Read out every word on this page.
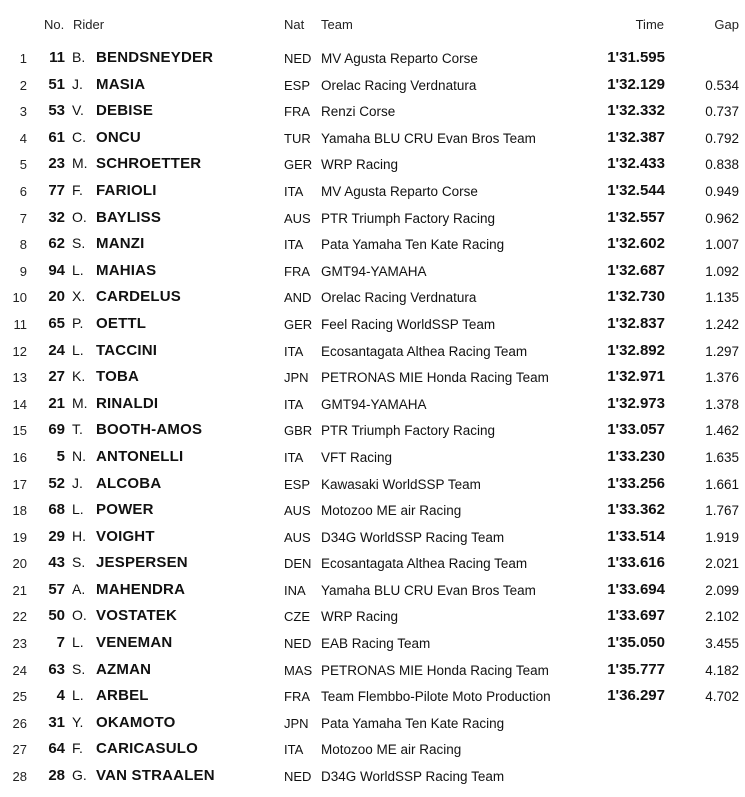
No. Rider	Nat Team	Time	Gap
1	11 B. BENDSNEYDER	NED MV Agusta Reparto Corse	1'31.595
2	51 J. MASIA	ESP Orelac Racing Verdnatura	1'32.129	0.534
3	53 V. DEBISE	FRA Renzi Corse	1'32.332	0.737
4	61 C. ONCU	TUR Yamaha BLU CRU Evan Bros Team	1'32.387	0.792
5	23 M. SCHROETTER	GER WRP Racing	1'32.433	0.838
6	77 F. FARIOLI	ITA MV Agusta Reparto Corse	1'32.544	0.949
7	32 O. BAYLISS	AUS PTR Triumph Factory Racing	1'32.557	0.962
8	62 S. MANZI	ITA Pata Yamaha Ten Kate Racing	1'32.602	1.007
9	94 L. MAHIAS	FRA GMT94-YAMAHA	1'32.687	1.092
10	20 X. CARDELUS	AND Orelac Racing Verdnatura	1'32.730	1.135
11	65 P. OETTL	GER Feel Racing WorldSSP Team	1'32.837	1.242
12	24 L. TACCINI	ITA Ecosantagata Althea Racing Team	1'32.892	1.297
13	27 K. TOBA	JPN PETRONAS MIE Honda Racing Team	1'32.971	1.376
14	21 M. RINALDI	ITA GMT94-YAMAHA	1'32.973	1.378
15	69 T. BOOTH-AMOS	GBR PTR Triumph Factory Racing	1'33.057	1.462
16	5 N. ANTONELLI	ITA VFT Racing	1'33.230	1.635
17	52 J. ALCOBA	ESP Kawasaki WorldSSP Team	1'33.256	1.661
18	68 L. POWER	AUS Motozoo ME air Racing	1'33.362	1.767
19	29 H. VOIGHT	AUS D34G WorldSSP Racing Team	1'33.514	1.919
20	43 S. JESPERSEN	DEN Ecosantagata Althea Racing Team	1'33.616	2.021
21	57 A. MAHENDRA	INA Yamaha BLU CRU Evan Bros Team	1'33.694	2.099
22	50 O. VOSTATEK	CZE WRP Racing	1'33.697	2.102
23	7 L. VENEMAN	NED EAB Racing Team	1'35.050	3.455
24	63 S. AZMAN	MAS PETRONAS MIE Honda Racing Team	1'35.777	4.182
25	4 L. ARBEL	FRA Team Flembbo-Pilote Moto Production	1'36.297	4.702
26	31 Y. OKAMOTO	JPN Pata Yamaha Ten Kate Racing
27	64 F. CARICASULO	ITA Motozoo ME air Racing
28	28 G. VAN STRAALEN	NED D34G WorldSSP Racing Team
